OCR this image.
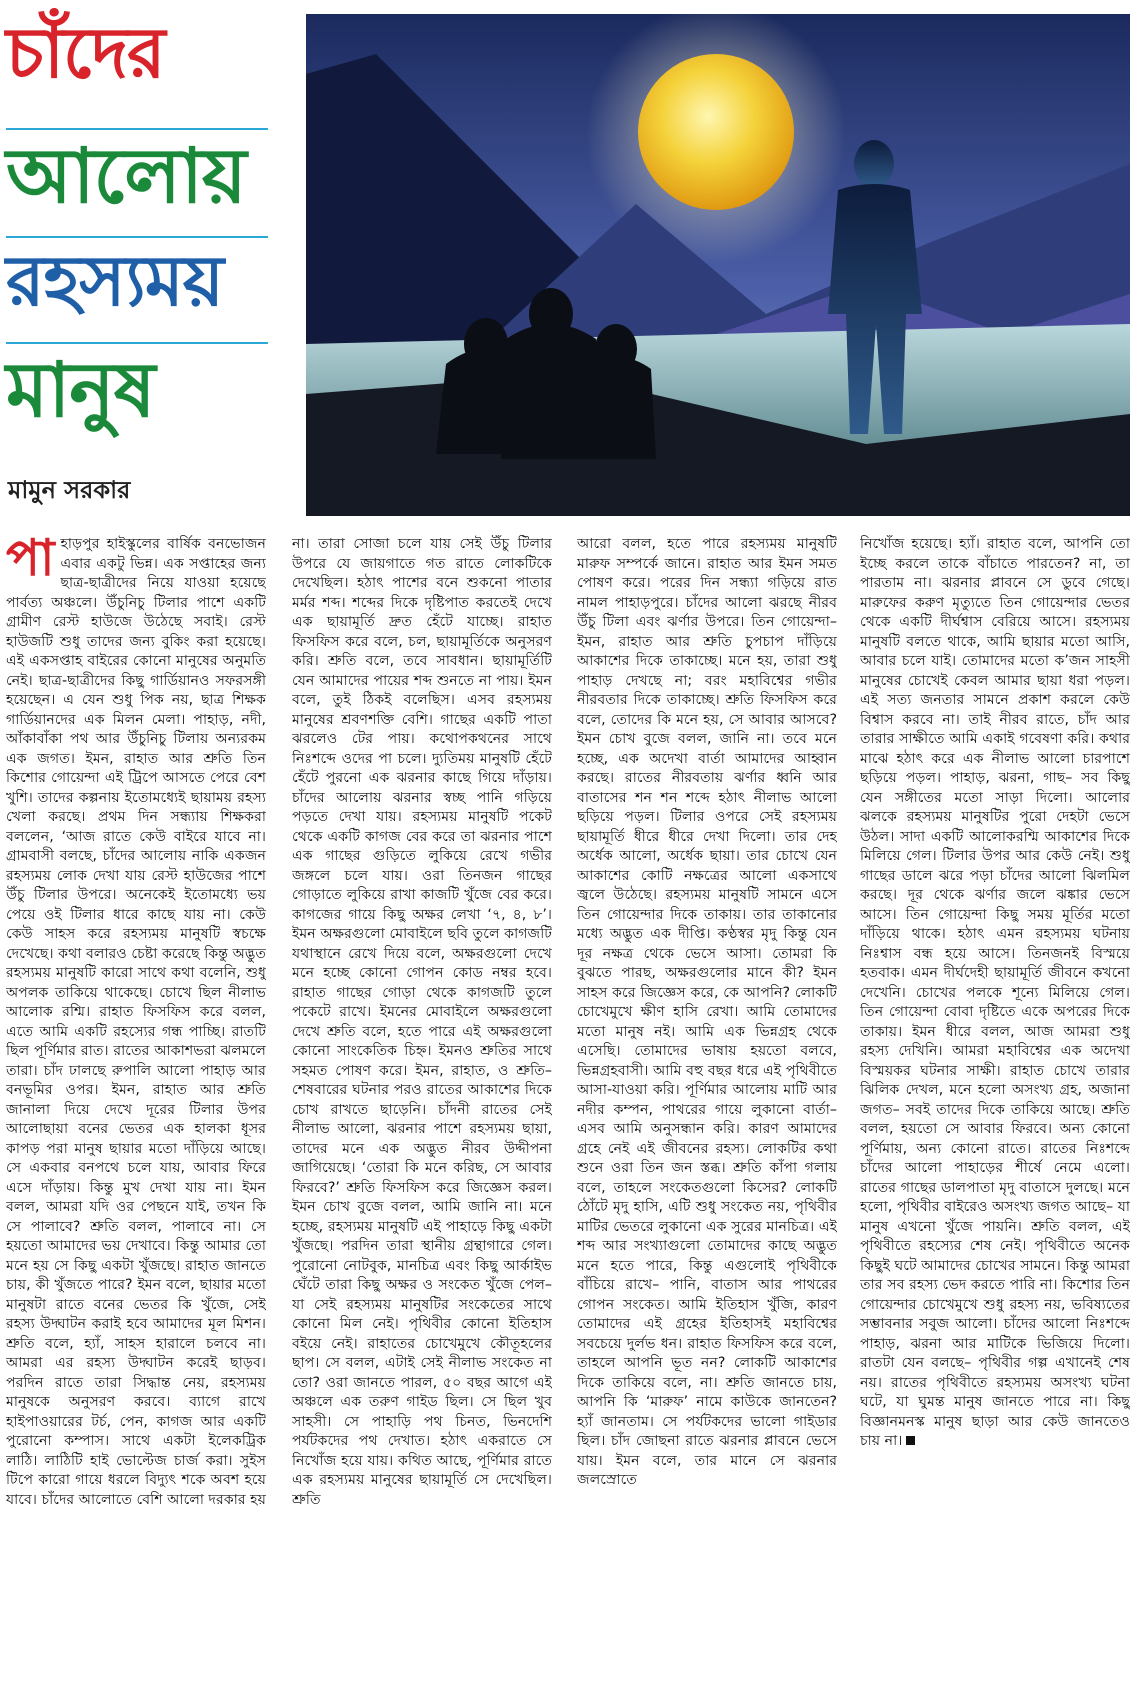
চাঁদের
আলোয়
রহস্যময়
মানুষ
মামুন সরকার

পাহাড়পুর হাইস্কুলের বার্ষিক বনভোজন এবার একটু ভিন্ন। এক সপ্তাহের জন্য ছাত্র-ছাত্রীদের নিয়ে যাওয়া হয়েছে পার্বত্য অঞ্চলে। উঁচুনিচু টিলার পাশে একটি গ্রামীণ রেস্ট হাউজে উঠেছে সবাই। রেস্ট হাউজটি শুধু তাদের জন্য বুকিং করা হয়েছে। এই একসপ্তাহ বাইরের কোনো মানুষের অনুমতি নেই। ছাত্র-ছাত্রীদের কিছু গার্ডিয়ানও সফরসঙ্গী হয়েছেন। এ যেন শুধু পিক নয়, ছাত্র শিক্ষক গার্ডিয়ানদের এক মিলন মেলা। পাহাড়, নদী, আঁকাবাঁকা পথ আর উঁচুনিচু টিলায় অন্যরকম এক জগত। ইমন, রাহাত আর শ্রুতি তিন কিশোর গোয়েন্দা এই ট্রিপে আসতে পেরে বেশ খুশি। তাদের কল্পনায় ইতোমধ্যেই ছায়াময় রহস্য খেলা করছে। প্রথম দিন সন্ধ্যায় শিক্ষকরা বললেন, ‘আজ রাতে কেউ বাইরে যাবে না। গ্রামবাসী বলছে, চাঁদের আলোয় নাকি একজন রহস্যময় লোক দেখা যায় রেস্ট হাউজের পাশে উঁচু টিলার উপরে। অনেকেই ইতোমধ্যে ভয় পেয়ে ওই টিলার ধারে কাছে যায় না। কেউ কেউ সাহস করে রহস্যময় মানুষটি স্বচক্ষে দেখেছে। কথা বলারও চেষ্টা করেছে কিন্তু অদ্ভুত রহস্যময় মানুষটি কারো সাথে কথা বলেনি, শুধু অপলক তাকিয়ে থাকেছে। চোখে ছিল নীলাভ আলোক রশ্মি। রাহাত ফিসফিস করে বলল, এতে আমি একটি রহস্যের গন্ধ পাচ্ছি। রাতটি ছিল পূর্ণিমার রাত। রাতের আকাশভরা ঝলমলে তারা। চাঁদ ঢালছে রুপালি আলো পাহাড় আর বনভূমির ওপর। ইমন, রাহাত আর শ্রুতি জানালা দিয়ে দেখে দূরের টিলার উপর আলোছায়া বনের ভেতর এক হালকা ধূসর কাপড় পরা মানুষ ছায়ার মতো দাঁড়িয়ে আছে। সে একবার বনপথে চলে যায়, আবার ফিরে এসে দাঁড়ায়। কিন্তু মুখ দেখা যায় না। ইমন বলল, আমরা যদি ওর পেছনে যাই, তখন কি সে পালাবে? শ্রুতি বলল, পালাবে না। সে হয়তো আমাদের ভয় দেখাবে। কিন্তু আমার তো মনে হয় সে কিছু একটা খুঁজছে। রাহাত জানতে চায়, কী খুঁজতে পারে? ইমন বলে, ছায়ার মতো মানুষটা রাতে বনের ভেতর কি খুঁজে, সেই রহস্য উদ্ঘাটন করাই হবে আমাদের মূল মিশন। শ্রুতি বলে, হ্যাঁ, সাহস হারালে চলবে না। আমরা এর রহস্য উদ্ঘাটন করেই ছাড়ব। পরদিন রাতে তারা সিদ্ধান্ত নেয়, রহস্যময় মানুষকে অনুসরণ করবে। ব্যাগে রাখে হাইপাওয়ারের টর্চ, পেন, কাগজ আর একটি পুরোনো কম্পাস। সাথে একটা ইলেকট্রিক লাঠি। লাঠিটি হাই ভোল্টেজ চার্জ করা। সুইস টিপে কারো গায়ে ধরলে বিদ্যুৎ শকে অবশ হয়ে যাবে। চাঁদের আলোতে বেশি আলো দরকার হয়

না। তারা সোজা চলে যায় সেই উঁচু টিলার উপরে যে জায়গাতে গত রাতে লোকটিকে দেখেছিল। হঠাৎ পাশের বনে শুকনো পাতার মর্মর শব্দ। শব্দের দিকে দৃষ্টিপাত করতেই দেখে এক ছায়ামূর্তি দ্রুত হেঁটে যাচ্ছে। রাহাত ফিসফিস করে বলে, চল, ছায়ামূর্তিকে অনুসরণ করি। শ্রুতি বলে, তবে সাবধান। ছায়ামূর্তিটি যেন আমাদের পায়ের শব্দ শুনতে না পায়। ইমন বলে, তুই ঠিকই বলেছিস। এসব রহস্যময় মানুষের শ্রবণশক্তি বেশি। গাছের একটি পাতা ঝরলেও টের পায়। কথোপকথনের সাথে নিঃশব্দে ওদের পা চলে। দ্যুতিময় মানুষটি হেঁটে হেঁটে পুরনো এক ঝরনার কাছে গিয়ে দাঁড়ায়। চাঁদের আলোয় ঝরনার স্বচ্ছ পানি গড়িয়ে পড়তে দেখা যায়। রহস্যময় মানুষটি পকেট থেকে একটি কাগজ বের করে তা ঝরনার পাশে এক গাছের গুড়িতে লুকিয়ে রেখে গভীর জঙ্গলে চলে যায়। ওরা তিনজন গাছের গোড়াতে লুকিয়ে রাখা কাজটি খুঁজে বের করে। কাগজের গায়ে কিছু অক্ষর লেখা ‘৭, ৪, ৮’। ইমন অক্ষরগুলো মোবাইলে ছবি তুলে কাগজটি যথাস্থানে রেখে দিয়ে বলে, অক্ষরগুলো দেখে মনে হচ্ছে কোনো গোপন কোড নম্বর হবে। রাহাত গাছের গোড়া থেকে কাগজটি তুলে পকেটে রাখে। ইমনের মোবাইলে অক্ষরগুলো দেখে শ্রুতি বলে, হতে পারে এই অক্ষরগুলো কোনো সাংকেতিক চিহ্ন। ইমনও শ্রুতির সাথে সহমত পোষণ করে। ইমন, রাহাত, ও শ্রুতি– শেষবারের ঘটনার পরও রাতের আকাশের দিকে চোখ রাখতে ছাড়েনি। চাঁদনী রাতের সেই নীলাভ আলো, ঝরনার পাশে রহস্যময় ছায়া, তাদের মনে এক অদ্ভুত নীরব উদ্দীপনা জাগিয়েছে। ‘তোরা কি মনে করিছ, সে আবার ফিরবে?’ শ্রুতি ফিসফিস করে জিজ্ঞেস করল। ইমন চোখ বুজে বলল, আমি জানি না। মনে হচ্ছে, রহস্যময় মানুষটি এই পাহাড়ে কিছু একটা খুঁজছে। পরদিন তারা স্থানীয় গ্রন্থাগারে গেল। পুরোনো নোটবুক, মানচিত্র এবং কিছু আর্কাইভ ঘেঁটে তারা কিছু অক্ষর ও সংকেত খুঁজে পেল– যা সেই রহস্যময় মানুষটির সংকেতের সাথে কোনো মিল নেই। পৃথিবীর কোনো ইতিহাস বইয়ে নেই। রাহাতের চোখেমুখে কৌতূহলের ছাপ। সে বলল, এটাই সেই নীলাভ সংকেত না তো? ওরা জানতে পারল, ৫০ বছর আগে এই অঞ্চলে এক তরুণ গাইড ছিল। সে ছিল খুব সাহসী। সে পাহাড়ি পথ চিনত, ভিনদেশি পর্যটকদের পথ দেখাত। হঠাৎ একরাতে সে নিখোঁজ হয়ে যায়। কথিত আছে, পূর্ণিমার রাতে এক রহস্যময় মানুষের ছায়ামূর্তি সে দেখেছিল। শ্রুতি

আরো বলল, হতে পারে রহস্যময় মানুষটি মারুফ সম্পর্কে জানে। রাহাত আর ইমন সমত পোষণ করে। পরের দিন সন্ধ্যা গড়িয়ে রাত নামল পাহাড়পুরে। চাঁদের আলো ঝরছে নীরব উঁচু টিলা এবং ঝর্ণার উপরে। তিন গোয়েন্দা– ইমন, রাহাত আর শ্রুতি চুপচাপ দাঁড়িয়ে আকাশের দিকে তাকাচ্ছে। মনে হয়, তারা শুধু পাহাড় দেখছে না; বরং মহাবিশ্বের গভীর নীরবতার দিকে তাকাচ্ছে। শ্রুতি ফিসফিস করে বলে, তোদের কি মনে হয়, সে আবার আসবে? ইমন চোখ বুজে বলল, জানি না। তবে মনে হচ্ছে, এক অদেখা বার্তা আমাদের আহ্বান করছে। রাতের নীরবতায় ঝর্ণার ধ্বনি আর বাতাসের শন শন শব্দে হঠাৎ নীলাভ আলো ছড়িয়ে পড়ল। টিলার ওপরে সেই রহস্যময় ছায়ামূর্তি ধীরে ধীরে দেখা দিলো। তার দেহ অর্ধেক আলো, অর্ধেক ছায়া। তার চোখে যেন আকাশের কোটি নক্ষত্রের আলো একসাথে জ্বলে উঠেছে। রহস্যময় মানুষটি সামনে এসে তিন গোয়েন্দার দিকে তাকায়। তার তাকানোর মধ্যে অদ্ভুত এক দীপ্তি। কণ্ঠস্বর মৃদু কিন্তু যেন দূর নক্ষত্র থেকে ভেসে আসা। তোমরা কি বুঝতে পারছ, অক্ষরগুলোর মানে কী? ইমন সাহস করে জিজ্ঞেস করে, কে আপনি? লোকটি চোখেমুখে ক্ষীণ হাসি রেখা। আমি তোমাদের মতো মানুষ নই। আমি এক ভিন্নগ্রহ থেকে এসেছি। তোমাদের ভাষায় হয়তো বলবে, ভিন্নগ্রহবাসী। আমি বহু বছর ধরে এই পৃথিবীতে আসা-যাওয়া করি। পূর্ণিমার আলোয় মাটি আর নদীর কম্পন, পাথরের গায়ে লুকানো বার্তা– এসব আমি অনুসন্ধান করি। কারণ আমাদের গ্রহে নেই এই জীবনের রহস্য। লোকটির কথা শুনে ওরা তিন জন স্তব্ধ। শ্রুতি কাঁপা গলায় বলে, তাহলে সংকেতগুলো কিসের? লোকটি ঠোঁটে মৃদু হাসি, এটি শুধু সংকেত নয়, পৃথিবীর মাটির ভেতরে লুকানো এক সুরের মানচিত্র। এই শব্দ আর সংখ্যাগুলো তোমাদের কাছে অদ্ভুত মনে হতে পারে, কিন্তু এগুলোই পৃথিবীকে বাঁচিয়ে রাখে– পানি, বাতাস আর পাথরের গোপন সংকেত। আমি ইতিহাস খুঁজি, কারণ তোমাদের এই গ্রহের ইতিহাসই মহাবিশ্বের সবচেয়ে দুর্লভ ধন। রাহাত ফিসফিস করে বলে, তাহলে আপনি ভূত নন? লোকটি আকাশের দিকে তাকিয়ে বলে, না। শ্রুতি জানতে চায়, আপনি কি ‘মারুফ’ নামে কাউকে জানতেন? হ্যাঁ জানতাম। সে পর্যটকদের ভালো গাইডার ছিল। চাঁদ জোছনা রাতে ঝরনার প্লাবনে ভেসে যায়। ইমন বলে, তার মানে সে ঝরনার জলস্রোতে

নিখোঁজ হয়েছে। হ্যাঁ। রাহাত বলে, আপনি তো ইচ্ছে করলে তাকে বাঁচাতে পারতেন? না, তা পারতাম না। ঝরনার প্লাবনে সে ডুবে গেছে। মারুফের করুণ মৃত্যুতে তিন গোয়েন্দার ভেতর থেকে একটি দীর্ঘশ্বাস বেরিয়ে আসে। রহস্যময় মানুষটি বলতে থাকে, আমি ছায়ার মতো আসি, আবার চলে যাই। তোমাদের মতো ক’জন সাহসী মানুষের চোখেই কেবল আমার ছায়া ধরা পড়ল। এই সত্য জনতার সামনে প্রকাশ করলে কেউ বিশ্বাস করবে না। তাই নীরব রাতে, চাঁদ আর তারার সাক্ষীতে আমি একাই গবেষণা করি। কথার মাঝে হঠাৎ করে এক নীলাভ আলো চারপাশে ছড়িয়ে পড়ল। পাহাড়, ঝরনা, গাছ– সব কিছু যেন সঙ্গীতের মতো সাড়া দিলো। আলোর ঝলকে রহস্যময় মানুষটির পুরো দেহটা ভেসে উঠল। সাদা একটি আলোকরশ্মি আকাশের দিকে মিলিয়ে গেল। টিলার উপর আর কেউ নেই। শুধু গাছের ডালে ঝরে পড়া চাঁদের আলো ঝিলমিল করছে। দূর থেকে ঝর্ণার জলে ঝঙ্কার ভেসে আসে। তিন গোয়েন্দা কিছু সময় মূর্তির মতো দাঁড়িয়ে থাকে। হঠাৎ এমন রহস্যময় ঘটনায় নিঃশ্বাস বন্ধ হয়ে আসে। তিনজনই বিস্ময়ে হতবাক। এমন দীর্ঘদেহী ছায়ামূর্তি জীবনে কখনো দেখেনি। চোখের পলকে শূন্যে মিলিয়ে গেল। তিন গোয়েন্দা বোবা দৃষ্টিতে একে অপরের দিকে তাকায়। ইমন ধীরে বলল, আজ আমরা শুধু রহস্য দেখিনি। আমরা মহাবিশ্বের এক অদেখা বিস্ময়কর ঘটনার সাক্ষী। রাহাত চোখে তারার ঝিলিক দেখল, মনে হলো অসংখ্য গ্রহ, অজানা জগত– সবই তাদের দিকে তাকিয়ে আছে। শ্রুতি বলল, হয়তো সে আবার ফিরবে। অন্য কোনো পূর্ণিমায়, অন্য কোনো রাতে। রাতের নিঃশব্দে চাঁদের আলো পাহাড়ের শীর্ষে নেমে এলো। রাতের গাছের ডালপাতা মৃদু বাতাসে দুলছে। মনে হলো, পৃথিবীর বাইরেও অসংখ্য জগত আছে– যা মানুষ এখনো খুঁজে পায়নি। শ্রুতি বলল, এই পৃথিবীতে রহস্যের শেষ নেই। পৃথিবীতে অনেক কিছুই ঘটে আমাদের চোখের সামনে। কিন্তু আমরা তার সব রহস্য ভেদ করতে পারি না। কিশোর তিন গোয়েন্দার চোখেমুখে শুধু রহস্য নয়, ভবিষ্যতের সম্ভাবনার সবুজ আলো। চাঁদের আলো নিঃশব্দে পাহাড়, ঝরনা আর মাটিকে ভিজিয়ে দিলো। রাতটা যেন বলছে– পৃথিবীর গল্প এখানেই শেষ নয়। রাতের পৃথিবীতে রহস্যময় অসংখ্য ঘটনা ঘটে, যা ঘুমন্ত মানুষ জানতে পারে না। কিছু বিজ্ঞানমনস্ক মানুষ ছাড়া আর কেউ জানতেও চায় না।
